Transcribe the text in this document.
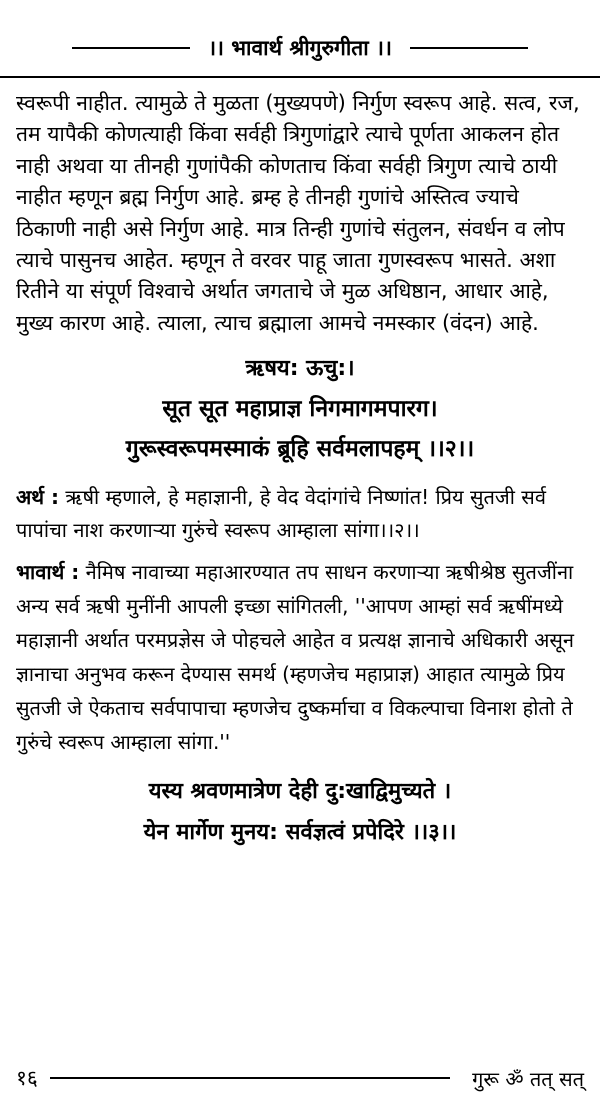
।। भावार्थ श्रीगुरुगीता ।।

स्वरूपी नाहीत. त्यामुळे ते मुळता (मुख्यपणे) निर्गुण स्वरूप आहे. सत्व, रज, तम यापैकी कोणत्याही किंवा सर्वही त्रिगुणांद्वारे त्याचे पूर्णता आकलन होत नाही अथवा या तीनही गुणांपैकी कोणताच किंवा सर्वही त्रिगुण त्याचे ठायी नाहीत म्हणून ब्रह्म निर्गुण आहे. ब्रम्ह हे तीनही गुणांचे अस्तित्व ज्याचे ठिकाणी नाही असे निर्गुण आहे. मात्र तिन्ही गुणांचे संतुलन, संवर्धन व लोप त्याचे पासुनच आहेत. म्हणून ते वरवर पाहू जाता गुणस्वरूप भासते. अशा रितीने या संपूर्ण विश्वाचे अर्थात जगताचे जे मुळ अधिष्ठान, आधार आहे, मुख्य कारण आहे. त्याला, त्याच ब्रह्माला आमचे नमस्कार (वंदन) आहे.

ऋषय: ऊचु:।
सूत सूत महाप्राज्ञ निगमागमपारग।
गुरूस्वरूपमस्माकं ब्रूहि सर्वमलापहम् ।।२।।

अर्थ : ऋषी म्हणाले, हे महाज्ञानी, हे वेद वेदांगांचे निष्णांत! प्रिय सुतजी सर्व पापांचा नाश करणाऱ्या गुरुंचे स्वरूप आम्हाला सांगा।।२।।

भावार्थ : नैमिष नावाच्या महाआरण्यात तप साधन करणाऱ्या ऋषीश्रेष्ठ सुतजींना अन्य सर्व ऋषी मुनींनी आपली इच्छा सांगितली, ''आपण आम्हां सर्व ऋषींमध्ये महाज्ञानी अर्थात परमप्रज्ञेस जे पोहचले आहेत व प्रत्यक्ष ज्ञानाचे अधिकारी असून ज्ञानाचा अनुभव करून देण्यास समर्थ (म्हणजेच महाप्राज्ञ) आहात त्यामुळे प्रिय सुतजी जे ऐकताच सर्वपापाचा म्हणजेच दुष्कर्माचा व विकल्पाचा विनाश होतो ते गुरुंचे स्वरूप आम्हाला सांगा.''

यस्य श्रवणमात्रेण देही दु:खाद्विमुच्यते ।
येन मार्गेण मुनय: सर्वज्ञत्वं प्रपेदिरे ।।३।।
१६	गुरू ॐ तत् सत्
